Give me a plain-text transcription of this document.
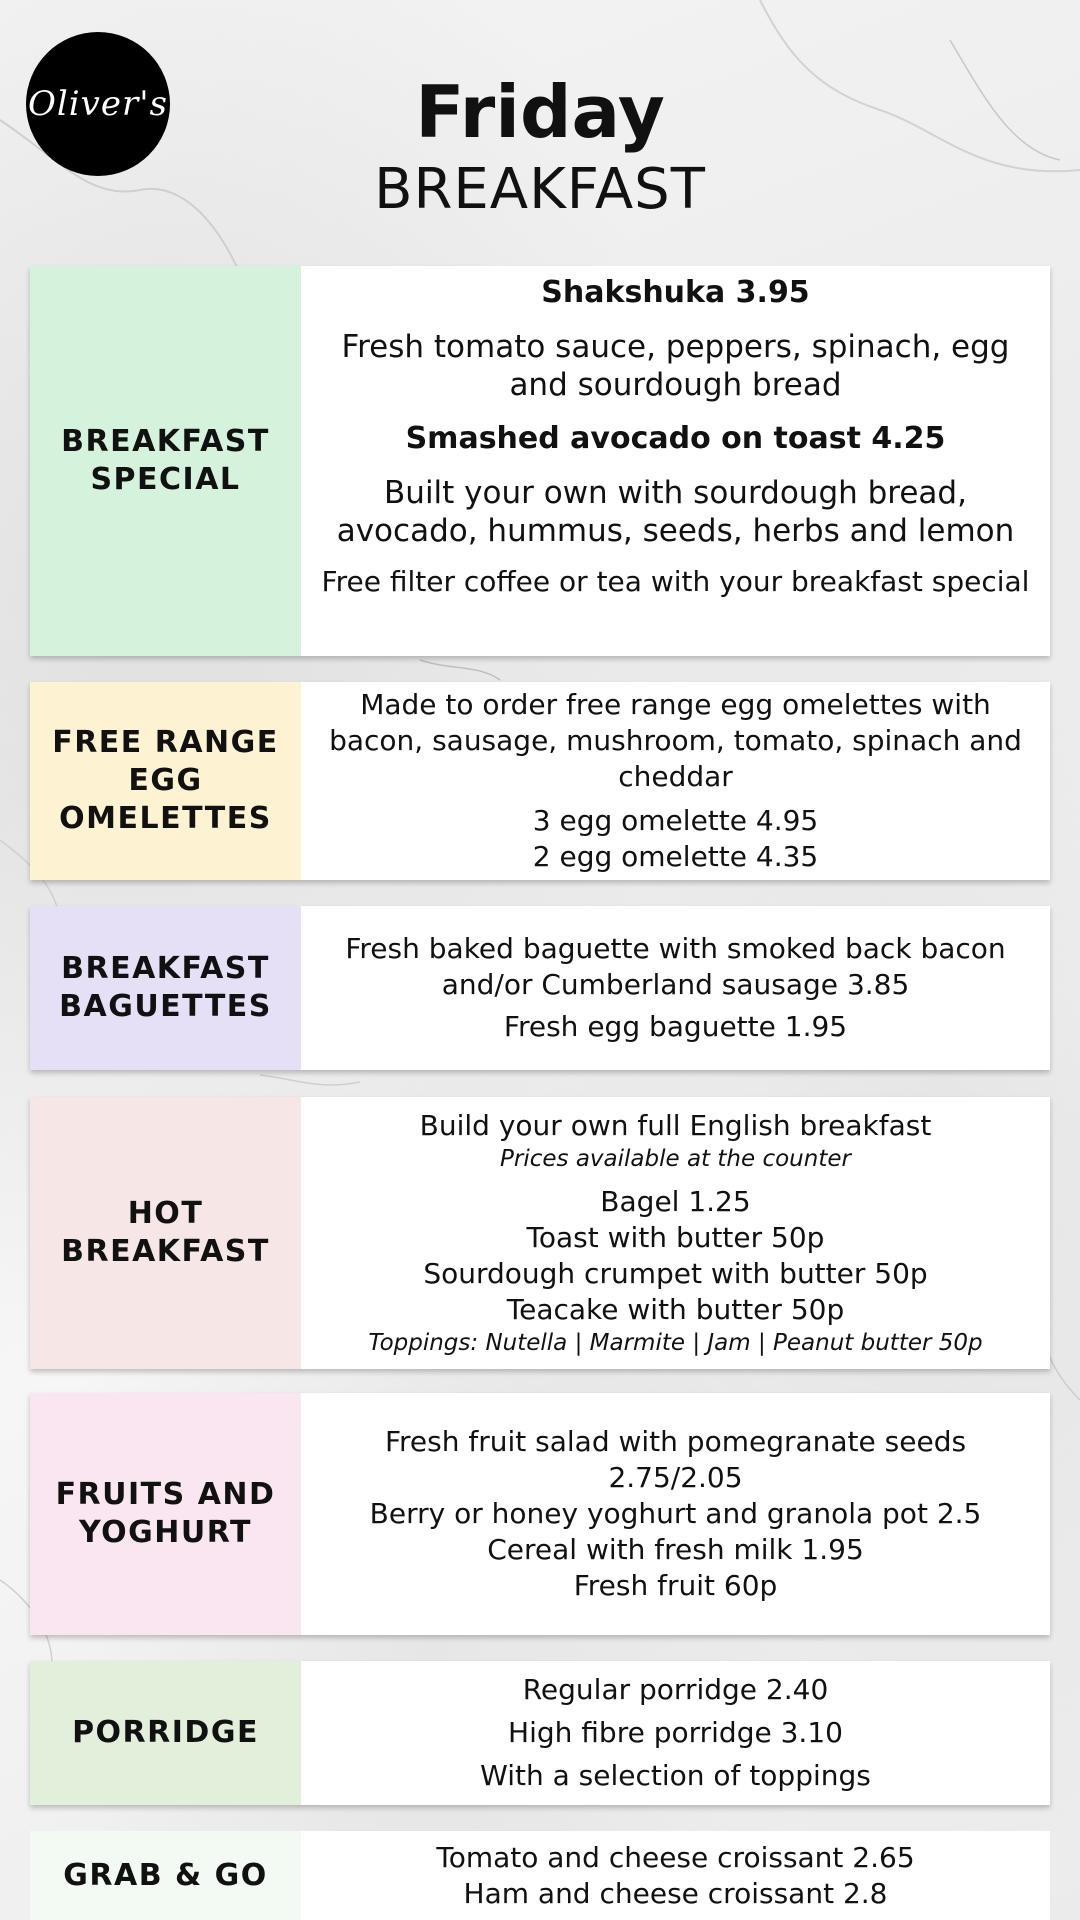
Oliver's	Friday
BREAKFAST
BREAKFAST SPECIAL

Shakshuka 3.95

Fresh tomato sauce, peppers, spinach, egg and sourdough bread

Smashed avocado on toast 4.25

Built your own with sourdough bread, avocado, hummus, seeds, herbs and lemon

Free filter coffee or tea with your breakfast special

FREE RANGE EGG OMELETTES

Made to order free range egg omelettes with bacon, sausage, mushroom, tomato, spinach and cheddar

3 egg omelette 4.95

2 egg omelette 4.35

BREAKFAST BAGUETTES

Fresh baked baguette with smoked back bacon and/or Cumberland sausage 3.85

Fresh egg baguette 1.95

HOT BREAKFAST

Build your own full English breakfast

Prices available at the counter

Bagel 1.25

Toast with butter 50p

Sourdough crumpet with butter 50p

Teacake with butter 50p

Toppings: Nutella | Marmite | Jam | Peanut butter 50p

FRUITS AND YOGHURT

Fresh fruit salad with pomegranate seeds 2.75/2.05

Berry or honey yoghurt and granola pot 2.5

Cereal with fresh milk 1.95

Fresh fruit 60p

PORRIDGE

Regular porridge 2.40

High fibre porridge 3.10

With a selection of toppings

GRAB & GO

Tomato and cheese croissant 2.65

Ham and cheese croissant 2.8
